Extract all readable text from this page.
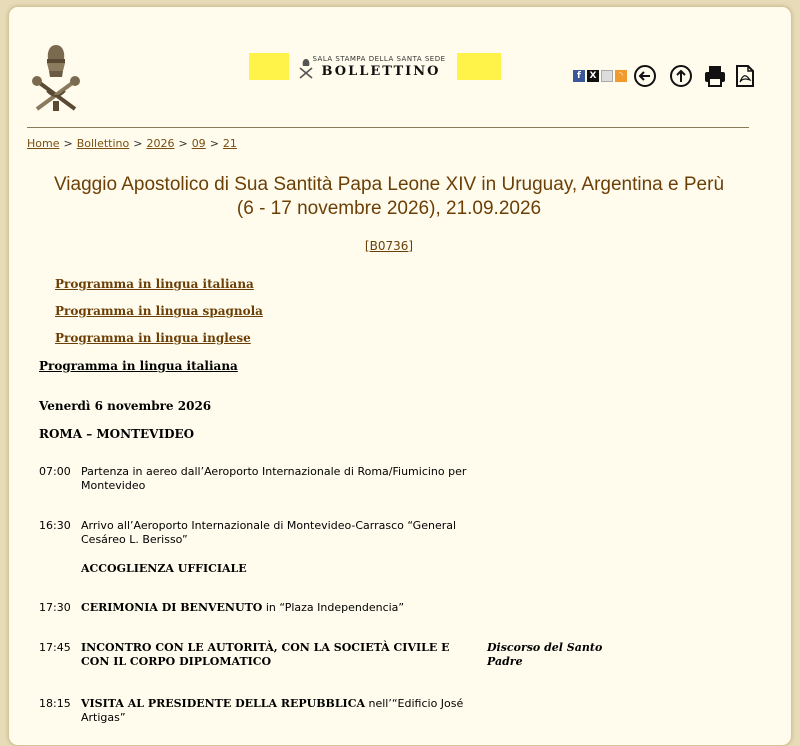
SALA STAMPA DELLA SANTA SEDE
BOLLETTINO	f X	◝
Home > Bollettino > 2026 > 09 > 21
Viaggio Apostolico di Sua Santità Papa Leone XIV in Uruguay, Argentina e Perù
(6 - 17 novembre 2026), 21.09.2026
[B0736]
Programma in lingua italiana
Programma in lingua spagnola
Programma in lingua inglese
Programma in lingua italiana
Venerdì 6 novembre 2026
ROMA – MONTEVIDEO
07:00 Partenza in aereo dall’Aeroporto Internazionale di Roma/Fiumicino per Montevideo
16:30 Arrivo all’Aeroporto Internazionale di Montevideo-Carrasco “General Cesáreo L. Berisso”
ACCOGLIENZA UFFICIALE
17:30 CERIMONIA DI BENVENUTO in “Plaza Independencia”
17:45 INCONTRO CON LE AUTORITÀ, CON LA SOCIETÀ CIVILE E CON IL CORPO DIPLOMATICO
Discorso del Santo Padre
18:15 VISITA AL PRESIDENTE DELLA REPUBBLICA nell’“Edificio José Artigas”
